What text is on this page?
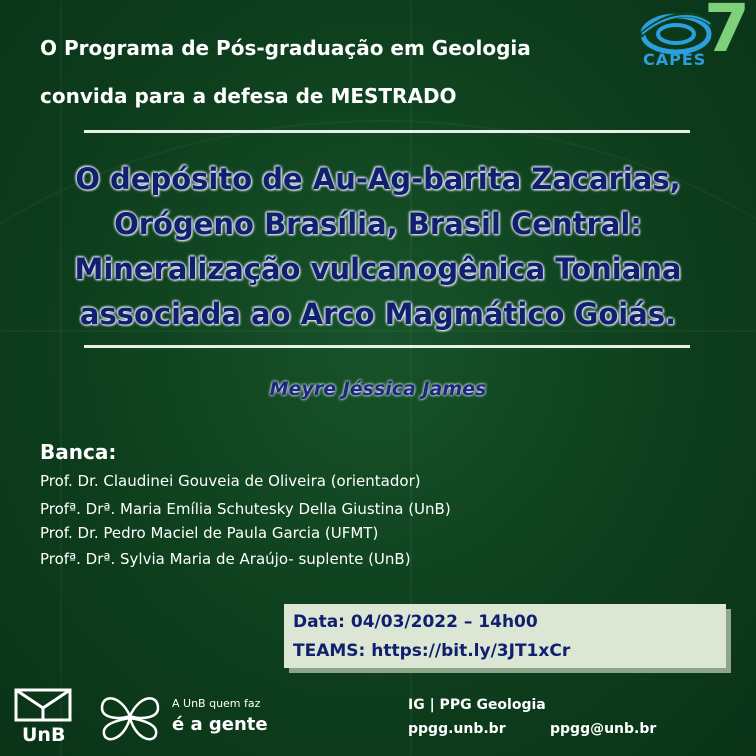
O Programa de Pós-graduação em Geologia
convida para a defesa de MESTRADO
CAPES
7
O depósito de Au-Ag-barita Zacarias,
Orógeno Brasília, Brasil Central:
Mineralização vulcanogênica Toniana
associada ao Arco Magmático Goiás.
Meyre Jéssica James
Banca:
Prof. Dr. Claudinei Gouveia de Oliveira (orientador)
Profª. Drª. Maria Emília Schutesky Della Giustina (UnB)
Prof. Dr. Pedro Maciel de Paula Garcia (UFMT)
Profª. Drª. Sylvia Maria de Araújo- suplente (UnB)
Data: 04/03/2022 – 14h00
TEAMS: https://bit.ly/3JT1xCr
UnB
A UnB quem faz
é a gente
IG | PPG Geologia
ppgg.unb.br	ppgg@unb.br
